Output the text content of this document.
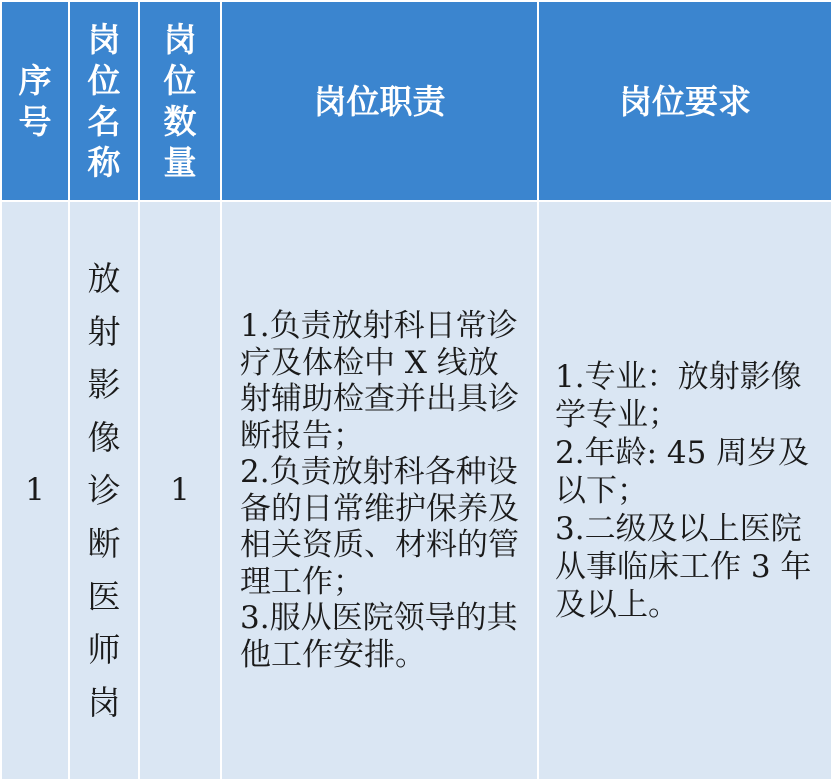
序号	岗位名称	岗位数量	岗位职责	岗位要求
1	放射影像诊断医师岗	1	1.负责放射科日常诊疗及体检中 X 线放射辅助检查并出具诊断报告；
2.负责放射科各种设备的日常维护保养及相关资质、材料的管理工作；
3.服从医院领导的其他工作安排。	1.专业：放射影像学专业；
2.年龄: 45 周岁及以下；
3.二级及以上医院从事临床工作 3 年及以上。
